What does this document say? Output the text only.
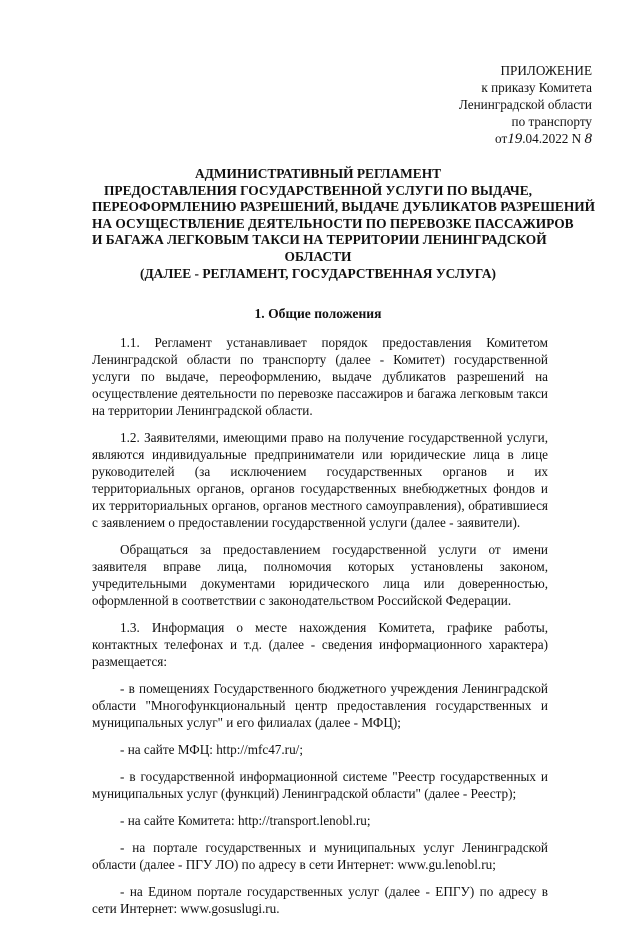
ПРИЛОЖЕНИЕ
к приказу Комитета
Ленинградской области
по транспорту
от19.04.2022 N 8
АДМИНИСТРАТИВНЫЙ РЕГЛАМЕНТ
ПРЕДОСТАВЛЕНИЯ ГОСУДАРСТВЕННОЙ УСЛУГИ ПО ВЫДАЧЕ,
ПЕРЕОФОРМЛЕНИЮ РАЗРЕШЕНИЙ, ВЫДАЧЕ ДУБЛИКАТОВ РАЗРЕШЕНИЙ
НА ОСУЩЕСТВЛЕНИЕ ДЕЯТЕЛЬНОСТИ ПО ПЕРЕВОЗКЕ ПАССАЖИРОВ
И БАГАЖА ЛЕГКОВЫМ ТАКСИ НА ТЕРРИТОРИИ ЛЕНИНГРАДСКОЙ
ОБЛАСТИ
(ДАЛЕЕ - РЕГЛАМЕНТ, ГОСУДАРСТВЕННАЯ УСЛУГА)
1. Общие положения

1.1. Регламент устанавливает порядок предоставления Комитетом Ленинградской области по транспорту (далее - Комитет) государственной услуги по выдаче, переоформлению, выдаче дубликатов разрешений на осуществление деятельности по перевозке пассажиров и багажа легковым такси на территории Ленинградской области.

1.2. Заявителями, имеющими право на получение государственной услуги, являются индивидуальные предприниматели или юридические лица в лице руководителей (за исключением государственных органов и их территориальных органов, органов государственных внебюджетных фондов и их территориальных органов, органов местного самоуправления), обратившиеся с заявлением о предоставлении государственной услуги (далее - заявители).

Обращаться за предоставлением государственной услуги от имени заявителя вправе лица, полномочия которых установлены законом, учредительными документами юридического лица или доверенностью, оформленной в соответствии с законодательством Российской Федерации.

1.3. Информация о месте нахождения Комитета, графике работы, контактных телефонах и т.д. (далее - сведения информационного характера) размещается:

- в помещениях Государственного бюджетного учреждения Ленинградской области "Многофункциональный центр предоставления государственных и муниципальных услуг" и его филиалах (далее - МФЦ);

- на сайте МФЦ: http://mfc47.ru/;

- в государственной информационной системе "Реестр государственных и муниципальных услуг (функций) Ленинградской области" (далее - Реестр);

- на сайте Комитета: http://transport.lenobl.ru;

- на портале государственных и муниципальных услуг Ленинградской области (далее - ПГУ ЛО) по адресу в сети Интернет: www.gu.lenobl.ru;

- на Едином портале государственных услуг (далее - ЕПГУ) по адресу в сети Интернет: www.gosuslugi.ru.
